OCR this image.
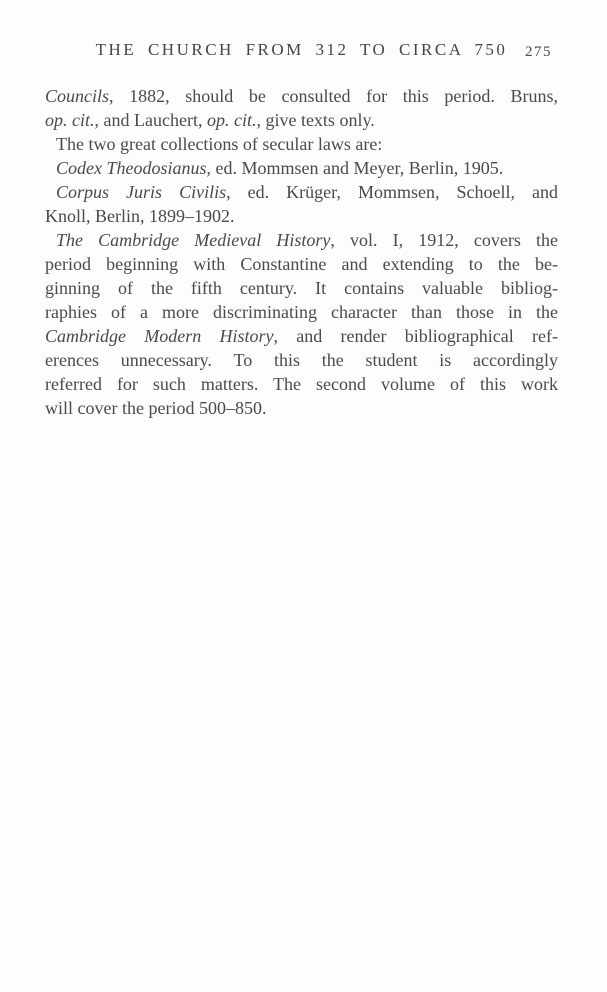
THE CHURCH FROM 312 TO CIRCA 750 275
Councils, 1882, should be consulted for this period. Bruns,
op. cit., and Lauchert, op. cit., give texts only.
The two great collections of secular laws are:
Codex Theodosianus, ed. Mommsen and Meyer, Berlin, 1905.
Corpus Juris Civilis, ed. Krüger, Mommsen, Schoell, and
Knoll, Berlin, 1899–1902.
The Cambridge Medieval History, vol. I, 1912, covers the
period beginning with Constantine and extending to the be-
ginning of the fifth century. It contains valuable bibliog-
raphies of a more discriminating character than those in the
Cambridge Modern History, and render bibliographical ref-
erences unnecessary. To this the student is accordingly
referred for such matters. The second volume of this work
will cover the period 500–850.
